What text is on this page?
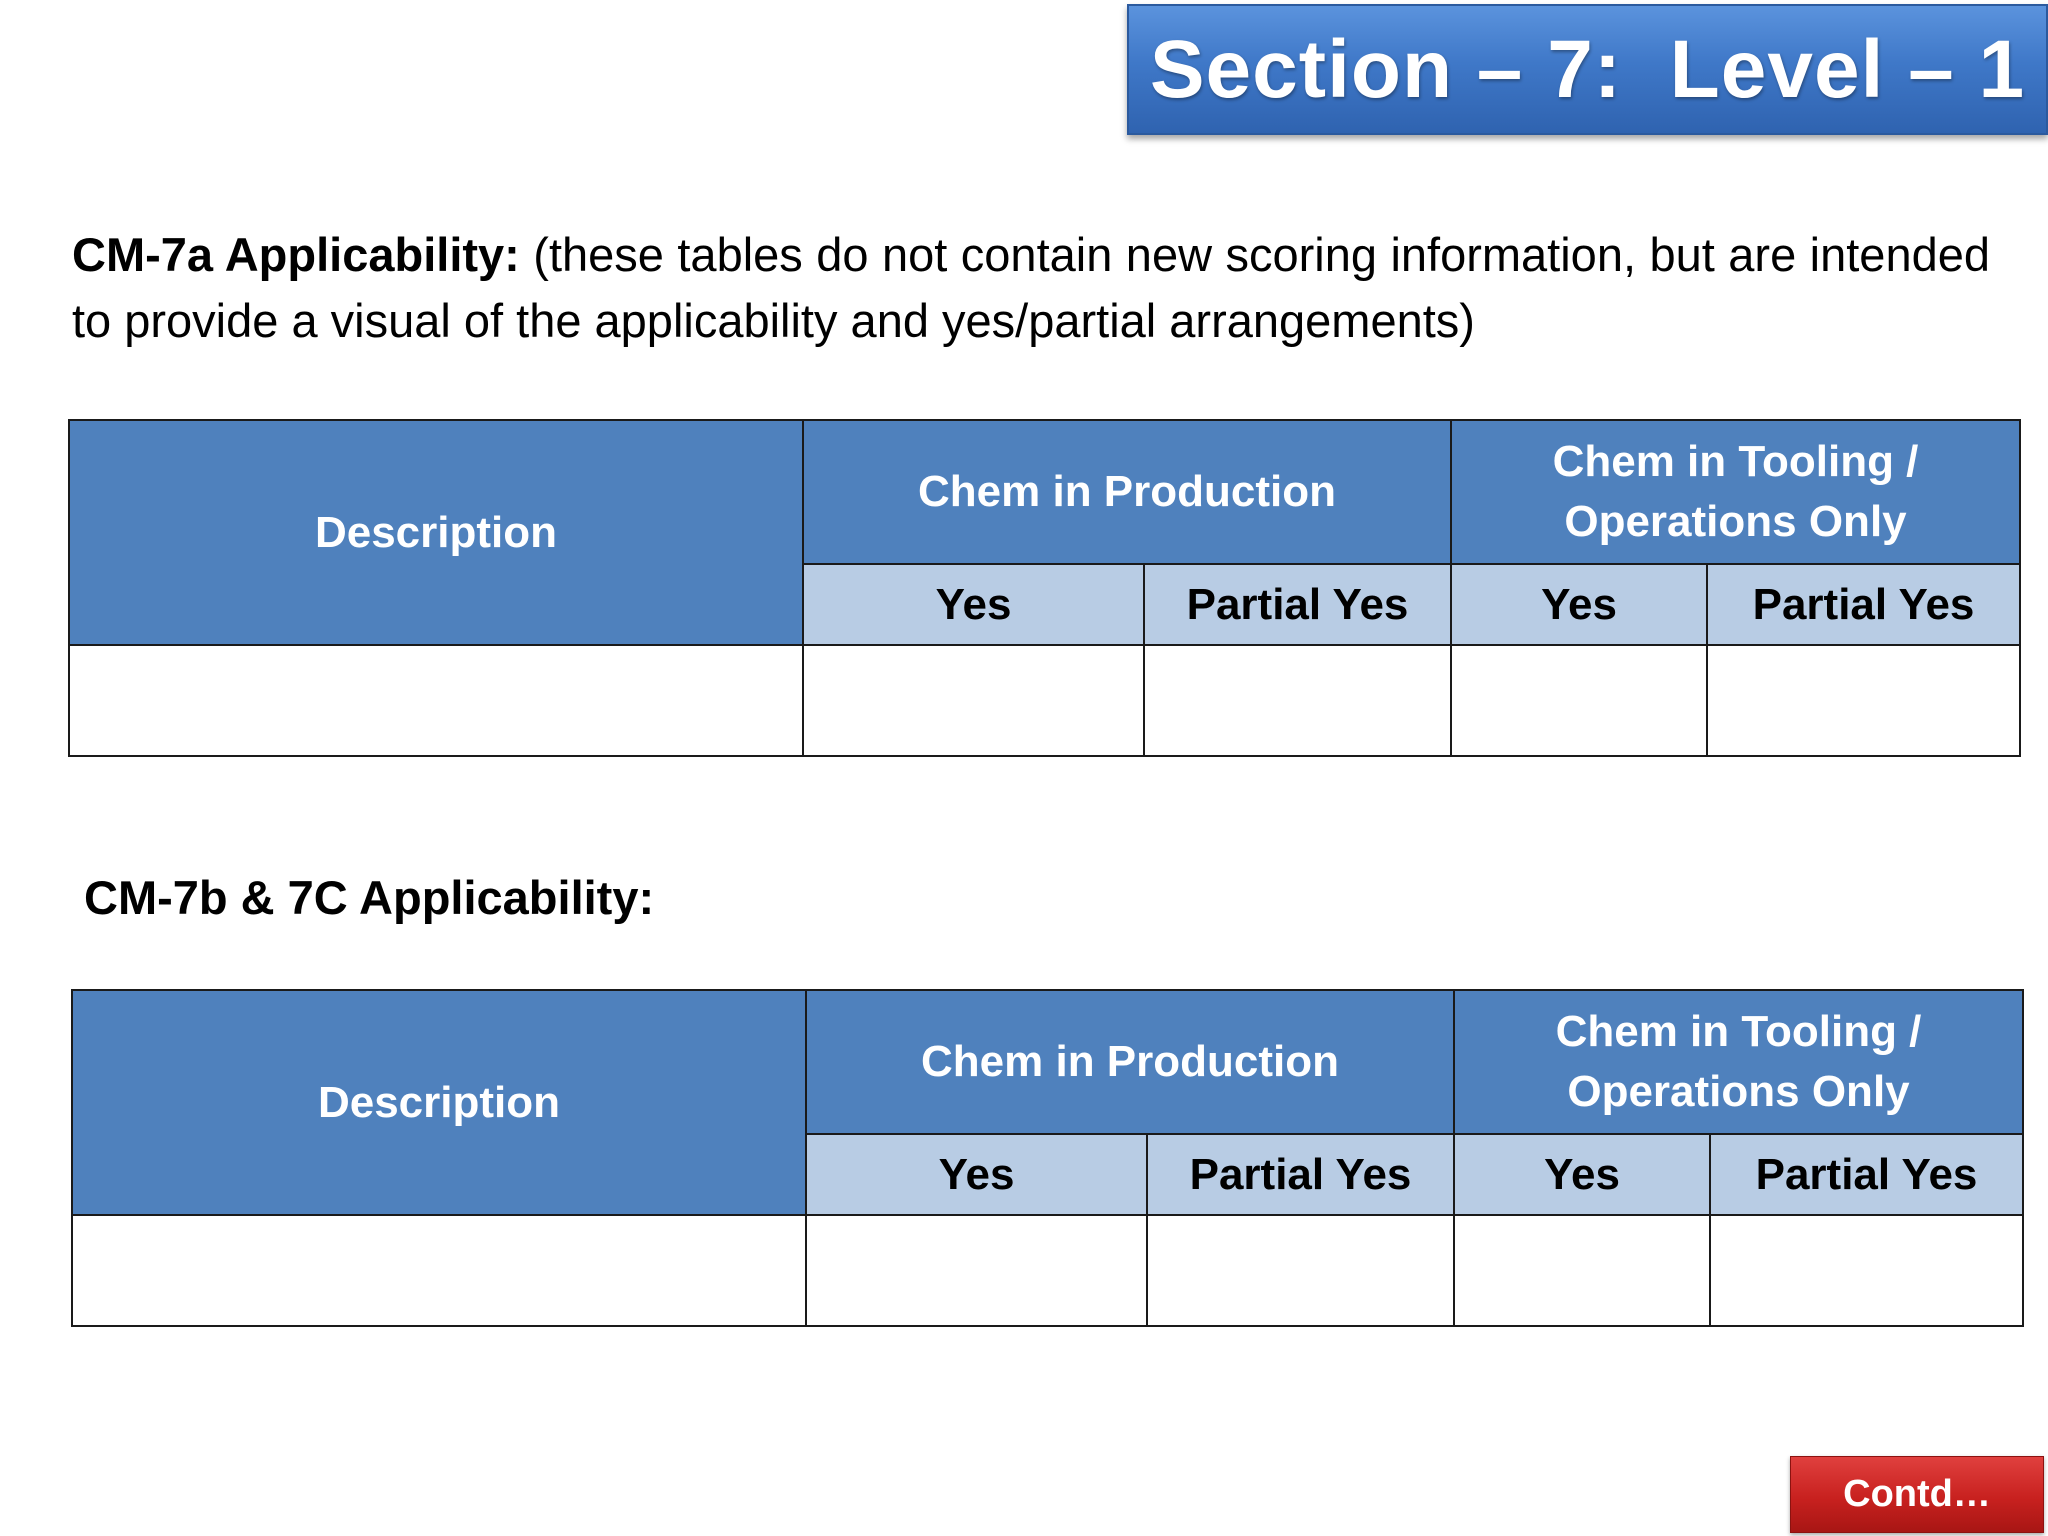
Section – 7:  Level – 1
CM-7a Applicability: (these tables do not contain new scoring information, but are intended to provide a visual of the applicability and yes/partial arrangements)
Description	Chem in Production		Chem in Tooling / Operations Only	
	Yes	Partial Yes	Yes	Partial Yes

CM-7b & 7C Applicability:
Description	Chem in Production		Chem in Tooling / Operations Only	
	Yes	Partial Yes	Yes	Partial Yes

Contd…
